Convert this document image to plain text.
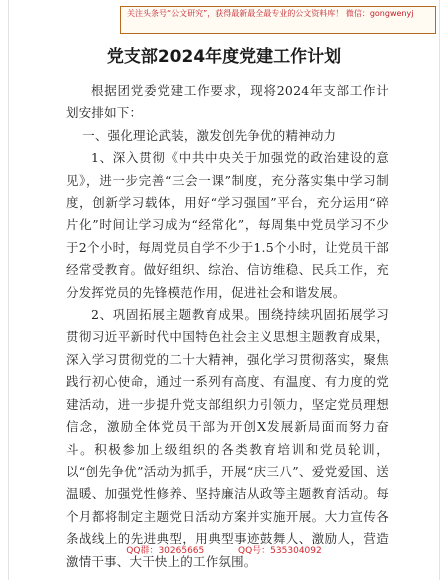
关注头条号“公文研究”，获得最新最全最专业的公文资料库！ 微信：gongwenyj
党支部2024年度党建工作计划

根据团党委党建工作要求，现将2024年支部工作计划安排如下：

一、强化理论武装，激发创先争优的精神动力

1、深入贯彻《中共中央关于加强党的政治建设的意见》，进一步完善“三会一课”制度，充分落实集中学习制度，创新学习载体，用好“学习强国”平台，充分运用“碎片化”时间让学习成为“经常化”，每周集中党员学习不少于2个小时，每周党员自学不少于1.5个小时，让党员干部经常受教育。做好组织、综治、信访维稳、民兵工作，充分发挥党员的先锋模范作用，促进社会和谐发展。

2、巩固拓展主题教育成果。围绕持续巩固拓展学习贯彻习近平新时代中国特色社会主义思想主题教育成果，深入学习贯彻党的二十大精神，强化学习贯彻落实，聚焦践行初心使命，通过一系列有高度、有温度、有力度的党建活动，进一步提升党支部组织力引领力，坚定党员理想信念，激励全体党员干部为开创X发展新局面而努力奋斗。积极参加上级组织的各类教育培训和党员轮训，以“创先争优”活动为抓手，开展“庆三八”、爱党爱国、送温暖、加强党性修养、坚持廉洁从政等主题教育活动。每个月都将制定主题党日活动方案并实施开展。大力宣传各条战线上的先进典型，用典型事迹鼓舞人、激励人，营造激情干事、大干快上的工作氛围。

QQ群：30265665	QQ号：535304092
